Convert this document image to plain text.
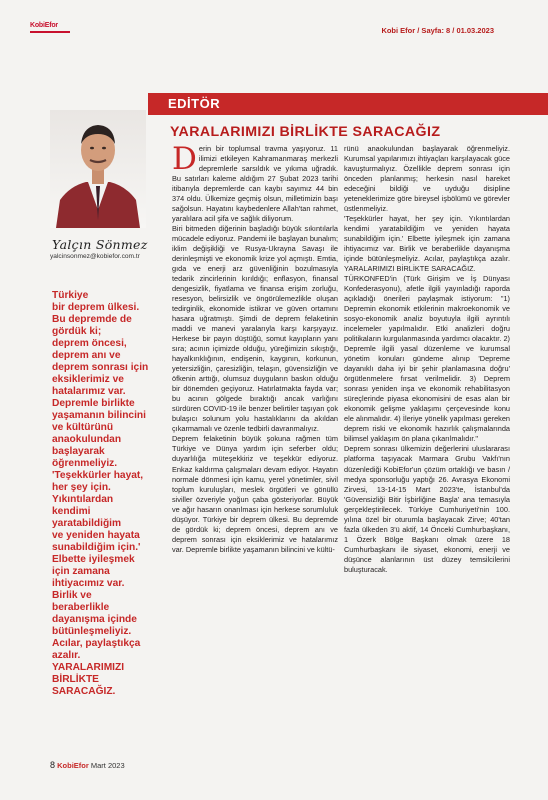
KobiEfor
Kobi Efor / Sayfa: 8 / 01.03.2023
EDİTÖR
Yalçın Sönmez
yalcinsonmez@kobiefor.com.tr
Türkiye
bir deprem ülkesi.
Bu depremde de
gördük ki;
deprem öncesi,
deprem anı ve
deprem sonrası için
eksiklerimiz ve
hatalarımız var.
Depremle birlikte
yaşamanın bilincini
ve kültürünü
anaokulundan
başlayarak
öğrenmeliyiz.
'Teşekkürler hayat,
her şey için.
Yıkıntılardan
kendimi
yaratabildiğim
ve yeniden hayata
sunabildiğim için.'
Elbette iyileşmek
için zamana
ihtiyacımız var.
Birlik ve
beraberlikle
dayanışma içinde
bütünleşmeliyiz.
Acılar, paylaştıkça
azalır.
YARALARIMIZI
BİRLİKTE
SARACAĞIZ.
YARALARIMIZI BİRLİKTE SARACAĞIZ
D erin bir toplumsal travma yaşıyoruz. 11 ilimizi etkileyen Kahramanmaraş merkezli depremlerle sarsıldık ve yıkıma uğradık. Bu satırları kaleme aldığım 27 Şubat 2023 tarihi itibarıyla depremlerde can kaybı sayımız 44 bin 374 oldu. Ülkemize geçmiş olsun, milletimizin başı sağolsun. Hayatını kaybedenlere Allah'tan rahmet, yaralılara acil şifa ve sağlık diliyorum.

Biri bitmeden diğerinin başladığı büyük sıkıntılarla mücadele ediyoruz. Pandemi ile başlayan bunalım; iklim değişikliği ve Rusya-Ukrayna Savaşı ile derinleşmişti ve ekonomik krize yol açmıştı. Emtia, gıda ve enerji arz güvenliğinin bozulmasıyla tedarik zincirlerinin kırıldığı; enflasyon, finansal dengesizlik, fiyatlama ve finansa erişim zorluğu, resesyon, belirsizlik ve öngörülemezlikle oluşan tedirginlik, ekonomide istikrar ve güven ortamını hasara uğratmıştı. Şimdi de deprem felaketinin maddi ve manevi yaralarıyla karşı karşıyayız. Herkese bir payın düştüğü, somut kayıpların yanı sıra; acının içimizde olduğu, yüreğimizin sıkıştığı, hayalkırıklığının, endişenin, kaygının, korkunun, yetersizliğin, çaresizliğin, telaşın, güvensizliğin ve öfkenin arttığı, olumsuz duyguların baskın olduğu bir dönemden geçiyoruz. Hatırlatmakta fayda var; bu acının gölgede bıraktığı ancak varlığını sürdüren COVID-19 ile benzer belirtiler taşıyan çok bulaşıcı solunum yolu hastalıklarını da akıldan çıkarmamalı ve özenle tedbirli davranmalıyız.

Deprem felaketinin büyük şokuna rağmen tüm Türkiye ve Dünya yardım için seferber oldu; duyarlılığa müteşekkiriz ve teşekkür ediyoruz. Enkaz kaldırma çalışmaları devam ediyor. Hayatın normale dönmesi için kamu, yerel yönetimler, sivil toplum kuruluşları, meslek örgütleri ve gönüllü siviller özveriyle yoğun çaba gösteriyorlar. Büyük ve ağır hasarın onarılması için herkese sorumluluk düşüyor. Türkiye bir deprem ülkesi. Bu depremde de gördük ki; deprem öncesi, deprem anı ve deprem sonrası için eksiklerimiz ve hatalarımız var. Depremle birlikte yaşamanın bilincini ve kültü-

rünü anaokulundan başlayarak öğrenmeliyiz. Kurumsal yapılarımızı ihtiyaçları karşılayacak güce kavuşturmalıyız. Özellikle deprem sonrası için önceden planlanmış; herkesin nasıl hareket edeceğini bildiği ve uyduğu disipline yeteneklerimize göre bireysel işbölümü ve görevler üstlenmeliyiz.

'Teşekkürler hayat, her şey için. Yıkıntılardan kendimi yaratabildiğim ve yeniden hayata sunabildiğim için.' Elbette iyileşmek için zamana ihtiyacımız var. Birlik ve beraberlikle dayanışma içinde bütünleşmeliyiz. Acılar, paylaştıkça azalır. YARALARIMIZI BİRLİKTE SARACAĞIZ.

TÜRKONFED'in (Türk Girişim ve İş Dünyası Konfederasyonu), afetle ilgili yayınladığı raporda açıkladığı önerileri paylaşmak istiyorum: "1) Depremin ekonomik etkilerinin makroekonomik ve sosyo-ekonomik analiz boyutuyla ilgili ayrıntılı incelemeler yapılmalıdır. Etki analizleri doğru politikaların kurgulanmasında yardımcı olacaktır. 2) Depremle ilgili yasal düzenleme ve kurumsal yönetim konuları gündeme alınıp 'Depreme dayanıklı daha iyi bir şehir planlamasına doğru' örgütlenmelere fırsat verilmelidir. 3) Deprem sonrası yeniden inşa ve ekonomik rehabilitasyon süreçlerinde piyasa ekonomisini de esas alan bir ekonomik gelişme yaklaşımı çerçevesinde konu ele alınmalıdır. 4) İleriye yönelik yapılması gereken deprem riski ve ekonomik hazırlık çalışmalarında bilimsel yaklaşım ön plana çıkarılmalıdır."

Deprem sonrası ülkemizin değerlerini uluslararası platforma taşıyacak Marmara Grubu Vakfı'nın düzenlediği KobiEfor'un çözüm ortaklığı ve basın / medya sponsorluğu yaptığı 26. Avrasya Ekonomi Zirvesi, 13-14-15 Mart 2023'te, İstanbul'da 'Güvensizliği Bitir İşbirliğine Başla' ana temasıyla gerçekleştirilecek. Türkiye Cumhuriyeti'nin 100. yılına özel bir oturumla başlayacak Zirve; 40'tan fazla ülkeden 3'ü aktif, 14 Önceki Cumhurbaşkanı, 1 Özerk Bölge Başkanı olmak üzere 18 Cumhurbaşkanı ile siyaset, ekonomi, enerji ve düşünce alanlarının üst düzey temsilcilerini buluşturacak.

8 KobiEfor Mart 2023
